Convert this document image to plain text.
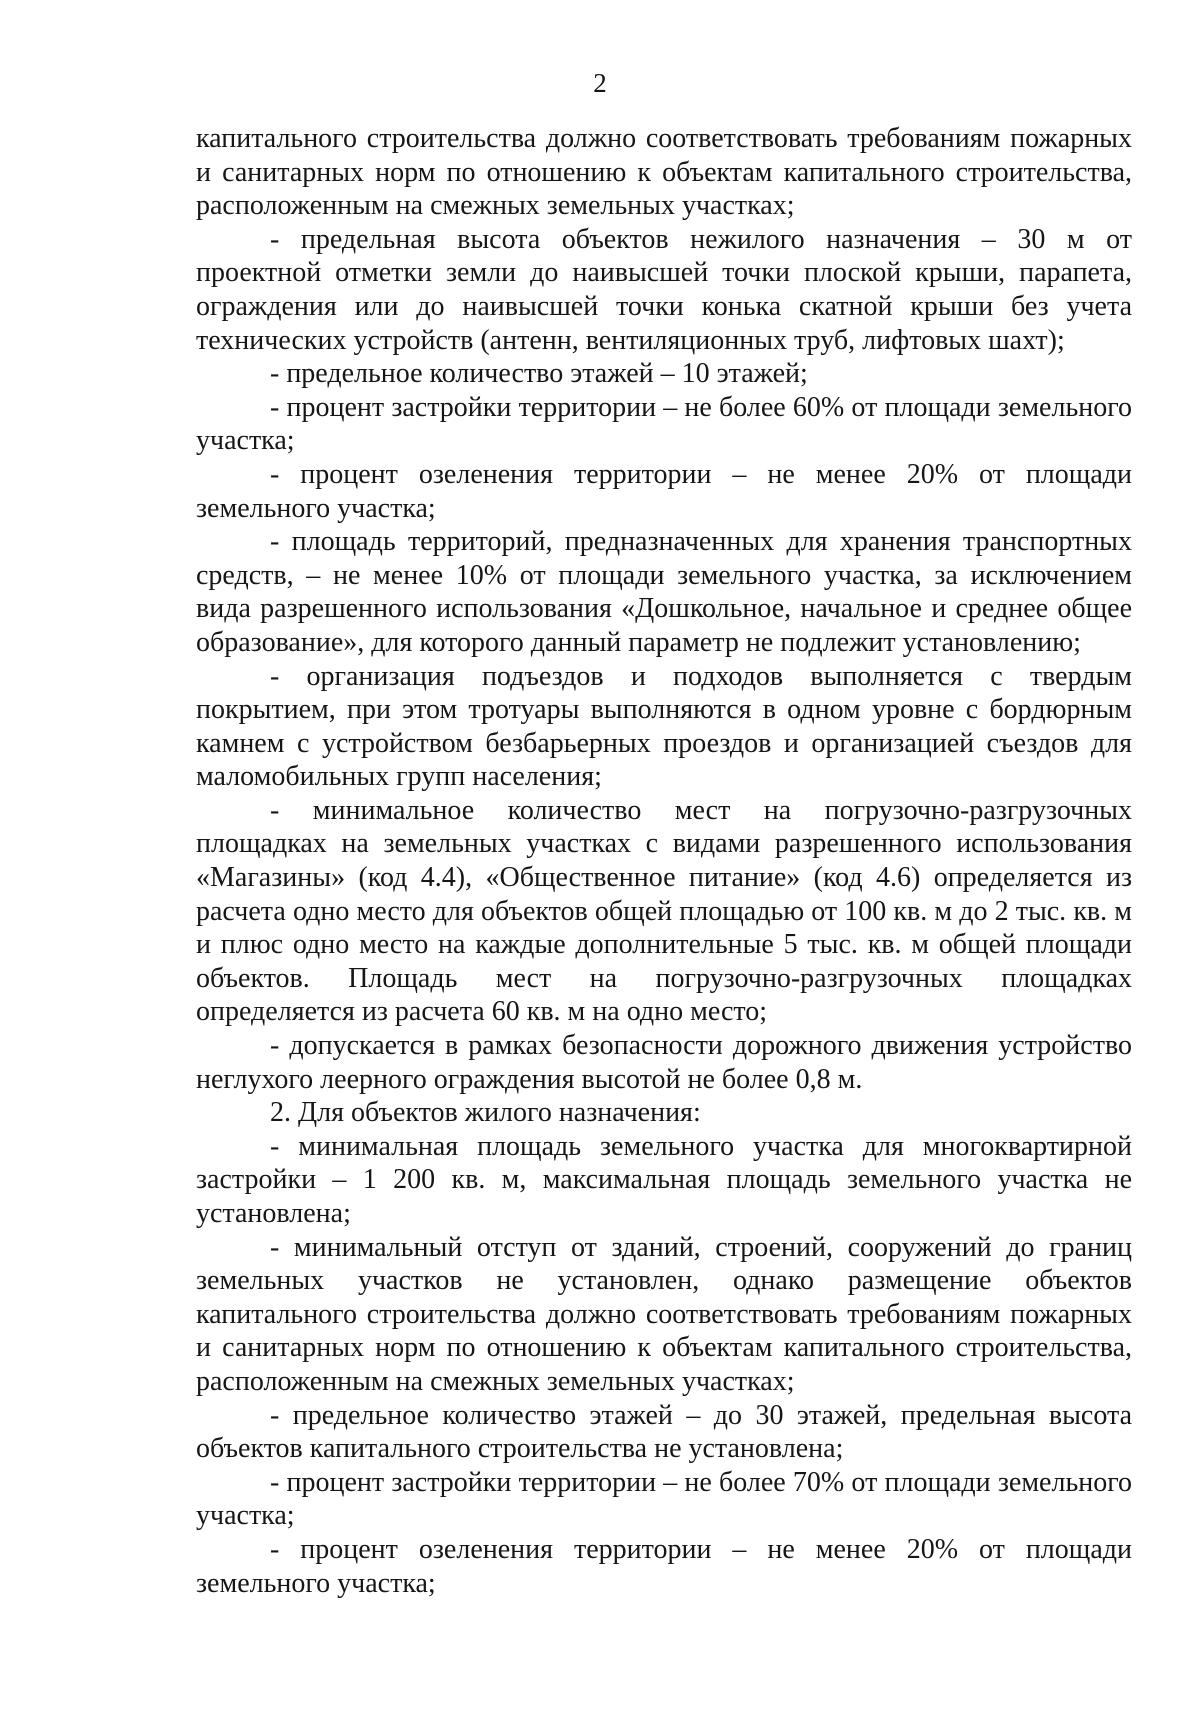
2

капитального строительства должно соответствовать требованиям пожарных и санитарных норм по отношению к объектам капитального строительства, расположенным на смежных земельных участках;

- предельная высота объектов нежилого назначения – 30 м от проектной отметки земли до наивысшей точки плоской крыши, парапета, ограждения или до наивысшей точки конька скатной крыши без учета технических устройств (антенн, вентиляционных труб, лифтовых шахт);

- предельное количество этажей – 10 этажей;

- процент застройки территории – не более 60% от площади земельного участка;

- процент озеленения территории – не менее 20% от площади земельного участка;

- площадь территорий, предназначенных для хранения транспортных средств, – не менее 10% от площади земельного участка, за исключением вида разрешенного использования «Дошкольное, начальное и среднее общее образование», для которого данный параметр не подлежит установлению;

- организация подъездов и подходов выполняется с твердым покрытием, при этом тротуары выполняются в одном уровне с бордюрным камнем с устройством безбарьерных проездов и организацией съездов для маломобильных групп населения;

- минимальное количество мест на погрузочно-разгрузочных площадках на земельных участках с видами разрешенного использования «Магазины» (код 4.4), «Общественное питание» (код 4.6) определяется из расчета одно место для объектов общей площадью от 100 кв. м до 2 тыс. кв. м и плюс одно место на каждые дополнительные 5 тыс. кв. м общей площади объектов. Площадь мест на погрузочно-разгрузочных площадках определяется из расчета 60 кв. м на одно место;

- допускается в рамках безопасности дорожного движения устройство неглухого леерного ограждения высотой не более 0,8 м.

2. Для объектов жилого назначения:

- минимальная площадь земельного участка для многоквартирной застройки – 1 200 кв. м, максимальная площадь земельного участка не установлена;

- минимальный отступ от зданий, строений, сооружений до границ земельных участков не установлен, однако размещение объектов капитального строительства должно соответствовать требованиям пожарных и санитарных норм по отношению к объектам капитального строительства, расположенным на смежных земельных участках;

- предельное количество этажей – до 30 этажей, предельная высота объектов капитального строительства не установлена;

- процент застройки территории – не более 70% от площади земельного участка;

- процент озеленения территории – не менее 20% от площади земельного участка;
